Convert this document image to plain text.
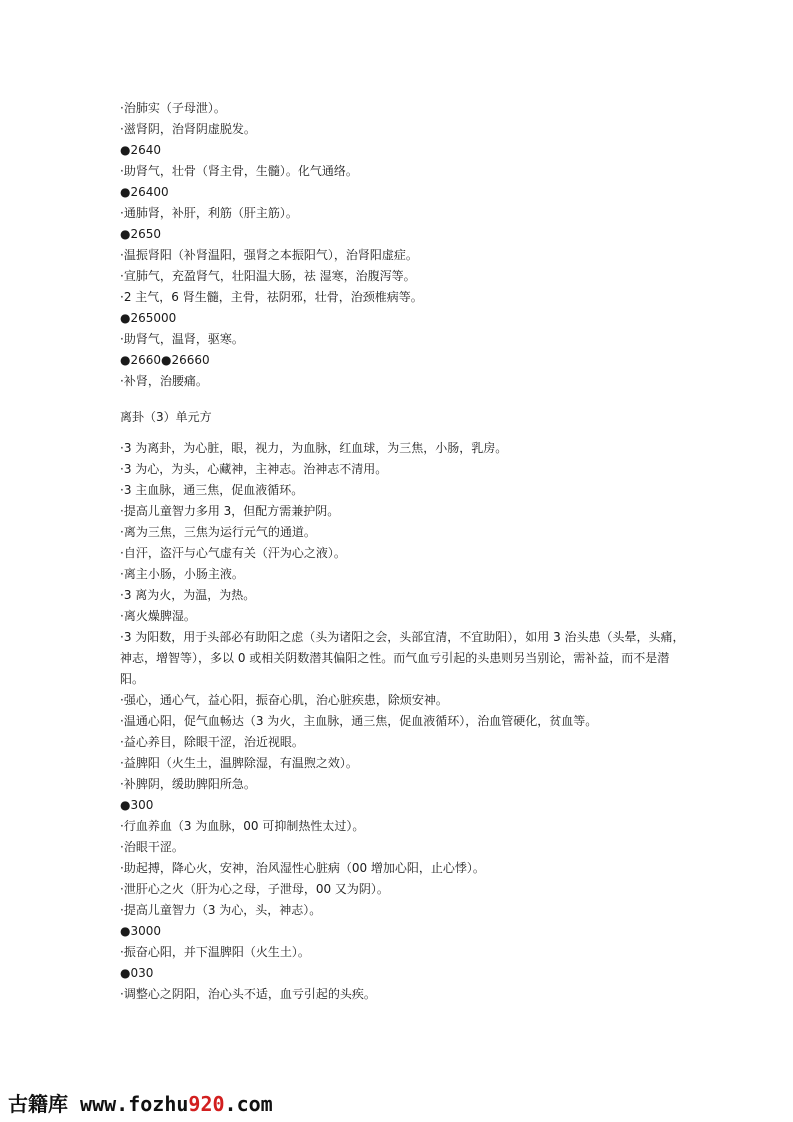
·治肺实（子母泄）。
·滋肾阴，治肾阴虚脱发。
●2640
·助肾气，壮骨（肾主骨，生髓）。化气通络。
●26400
·通肺肾，补肝，利筋（肝主筋）。
●2650
·温振肾阳（补肾温阳，强肾之本振阳气），治肾阳虚症。
·宣肺气，充盈肾气，壮阳温大肠，祛 湿寒，治腹泻等。
·2 主气，6 肾生髓，主骨，祛阴邪，壮骨，治颈椎病等。
●265000
·助肾气，温肾，驱寒。
●2660●26660
·补肾，治腰痛。
离卦（3）单元方
·3 为离卦，为心脏，眼，视力，为血脉，红血球，为三焦，小肠，乳房。
·3 为心，为头，心藏神，主神志。治神志不清用。
·3 主血脉，通三焦，促血液循环。
·提高儿童智力多用 3，但配方需兼护阴。
·离为三焦，三焦为运行元气的通道。
·自汗，盗汗与心气虚有关（汗为心之液）。
·离主小肠，小肠主液。
·3 离为火，为温，为热。
·离火燥脾湿。
·3 为阳数，用于头部必有助阳之虑（头为诸阳之会，头部宜清，不宜助阳），如用 3 治头患（头晕，头痛，神志，增智等），多以 0 或相关阴数潜其偏阳之性。而气血亏引起的头患则另当别论，需补益，而不是潜阳。
·强心，通心气，益心阳，振奋心肌，治心脏疾患，除烦安神。
·温通心阳，促气血畅达（3 为火，主血脉，通三焦，促血液循环），治血管硬化，贫血等。
·益心养目，除眼干涩，治近视眼。
·益脾阳（火生土，温脾除湿，有温煦之效）。
·补脾阴，缓助脾阳所急。
●300
·行血养血（3 为血脉，00 可抑制热性太过）。
·治眼干涩。
·助起搏，降心火，安神，治风湿性心脏病（00 增加心阳，止心悸）。
·泄肝心之火（肝为心之母，子泄母，00 又为阴）。
·提高儿童智力（3 为心，头，神志）。
●3000
·振奋心阳，并下温脾阳（火生土）。
●030
·调整心之阴阳，治心头不适，血亏引起的头疾。
古籍库 www.fozhu920.com
